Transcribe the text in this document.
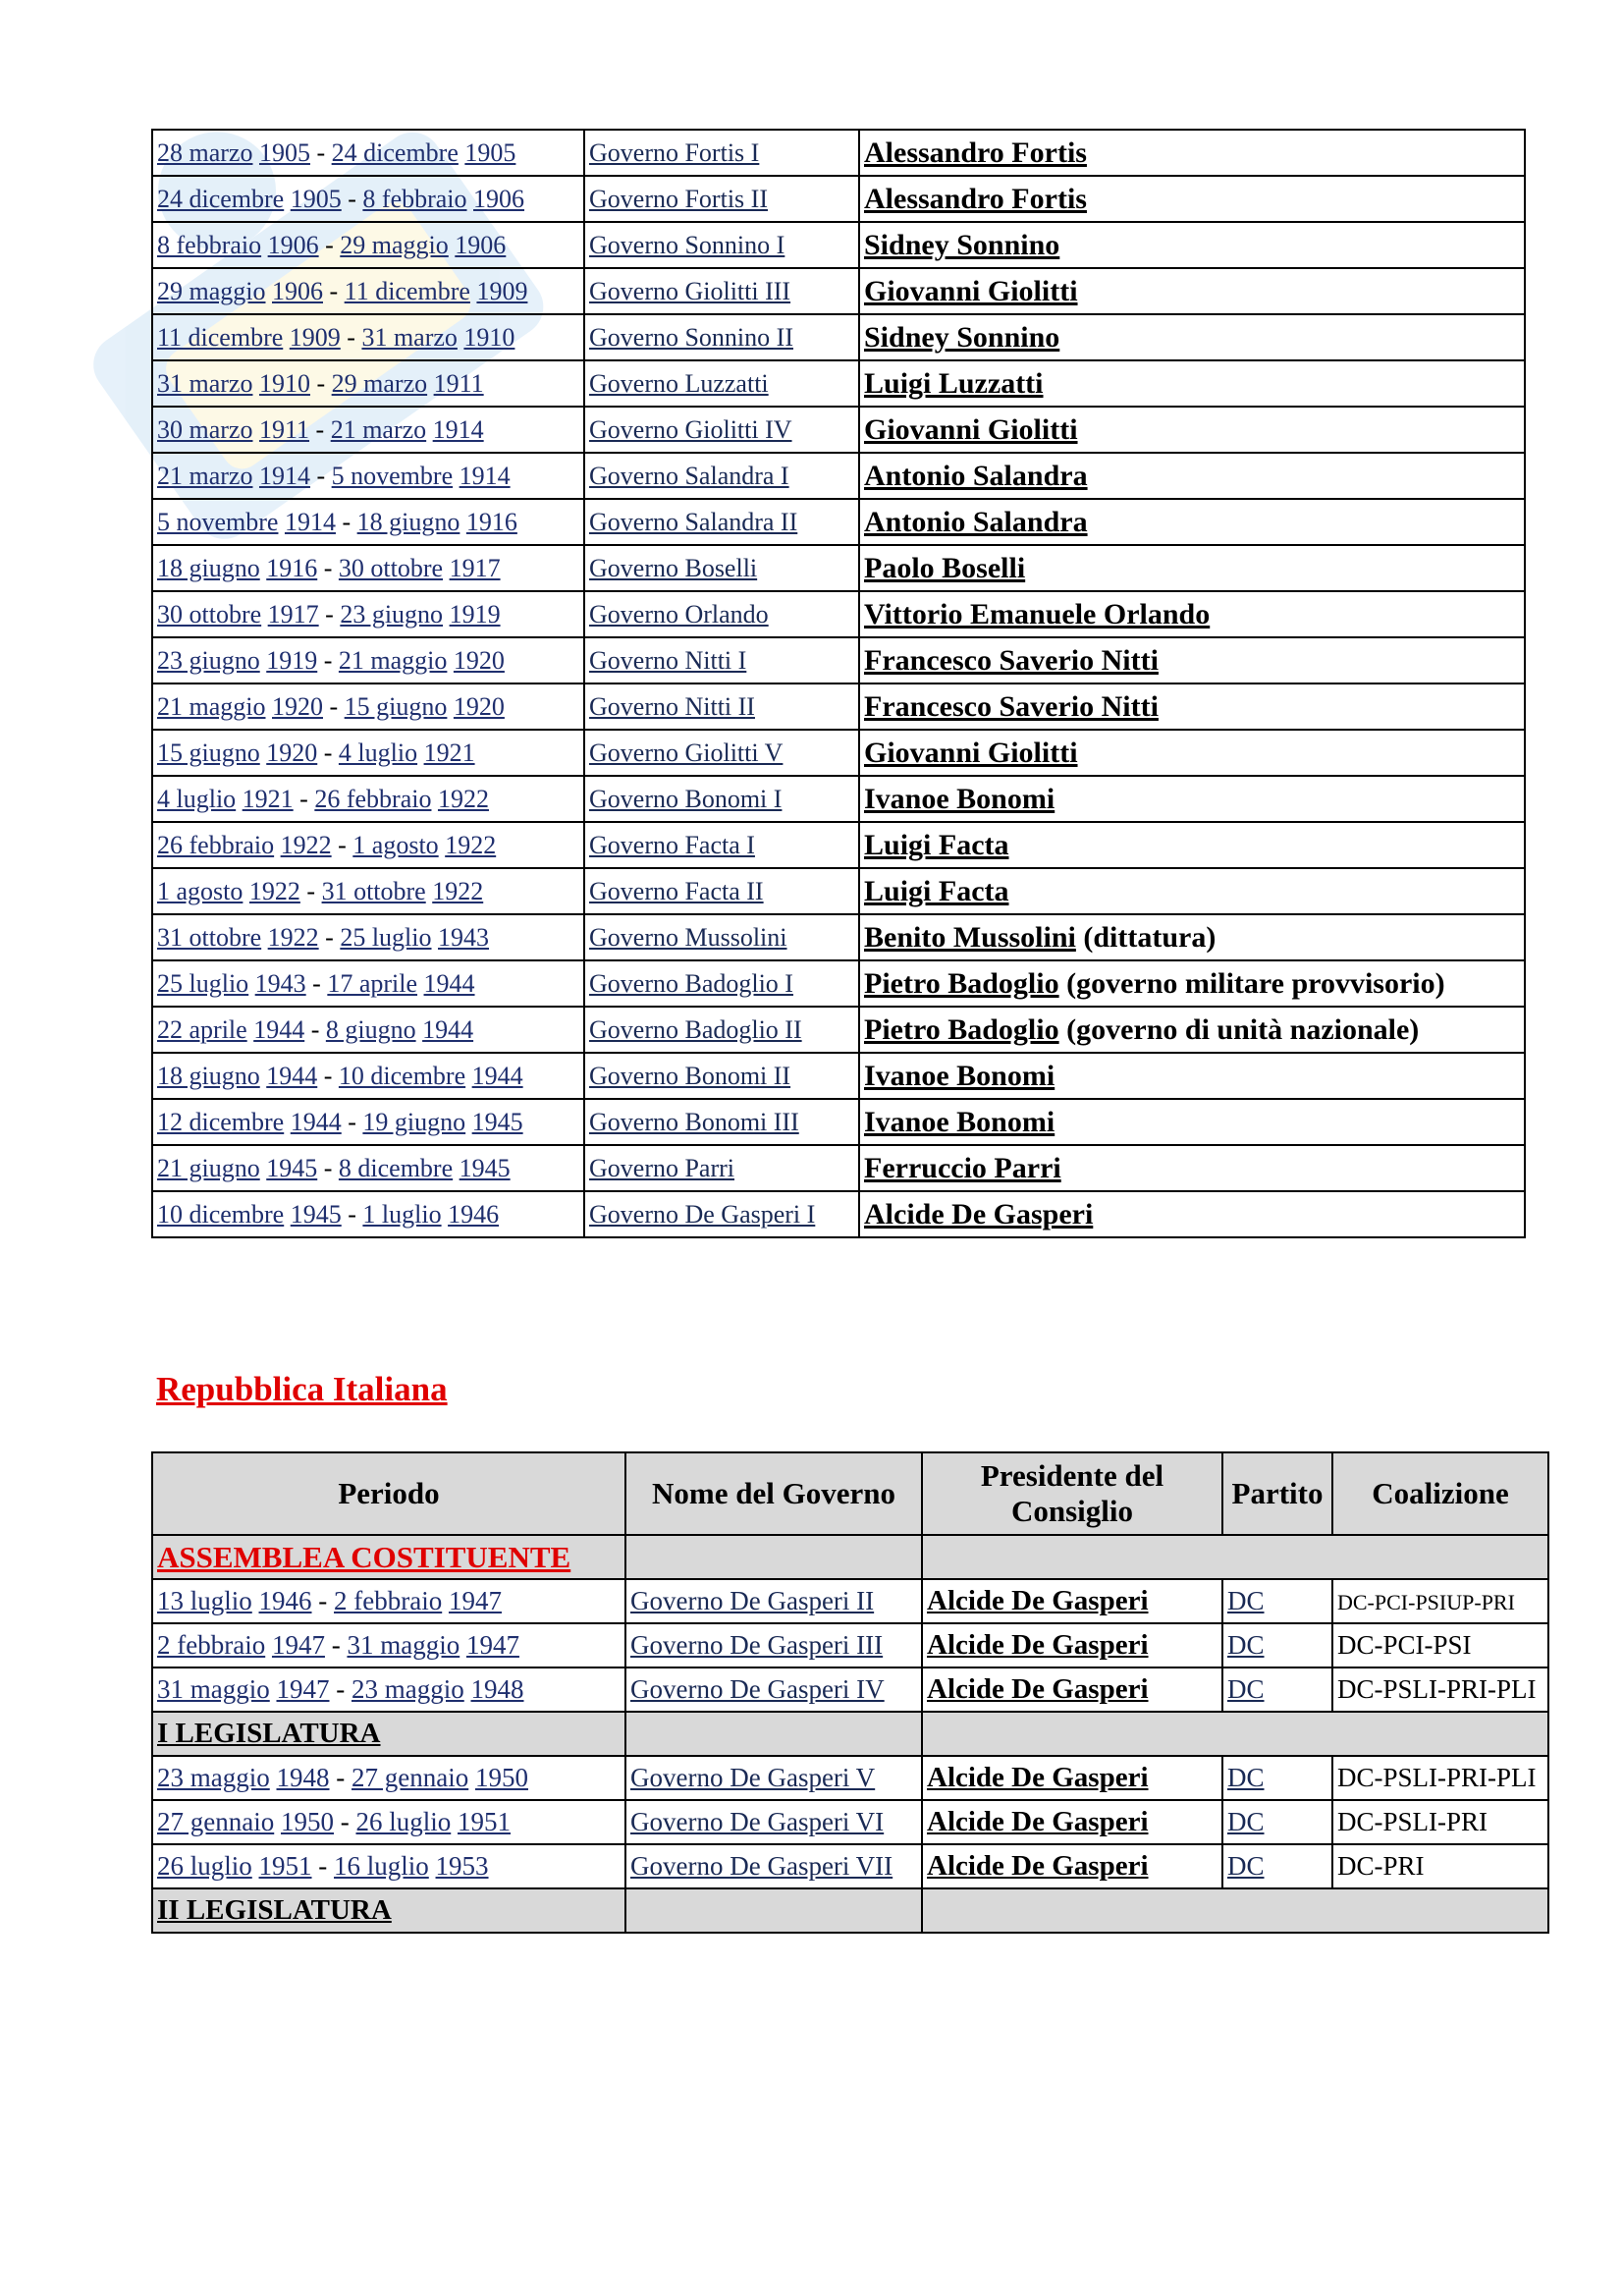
28 marzo 1905 - 24 dicembre 1905	Governo Fortis I	Alessandro Fortis
24 dicembre 1905 - 8 febbraio 1906	Governo Fortis II	Alessandro Fortis
8 febbraio 1906 - 29 maggio 1906	Governo Sonnino I	Sidney Sonnino
29 maggio 1906 - 11 dicembre 1909	Governo Giolitti III	Giovanni Giolitti
11 dicembre 1909 - 31 marzo 1910	Governo Sonnino II	Sidney Sonnino
31 marzo 1910 - 29 marzo 1911	Governo Luzzatti	Luigi Luzzatti
30 marzo 1911 - 21 marzo 1914	Governo Giolitti IV	Giovanni Giolitti
21 marzo 1914 - 5 novembre 1914	Governo Salandra I	Antonio Salandra
5 novembre 1914 - 18 giugno 1916	Governo Salandra II	Antonio Salandra
18 giugno 1916 - 30 ottobre 1917	Governo Boselli	Paolo Boselli
30 ottobre 1917 - 23 giugno 1919	Governo Orlando	Vittorio Emanuele Orlando
23 giugno 1919 - 21 maggio 1920	Governo Nitti I	Francesco Saverio Nitti
21 maggio 1920 - 15 giugno 1920	Governo Nitti II	Francesco Saverio Nitti
15 giugno 1920 - 4 luglio 1921	Governo Giolitti V	Giovanni Giolitti
4 luglio 1921 - 26 febbraio 1922	Governo Bonomi I	Ivanoe Bonomi
26 febbraio 1922 - 1 agosto 1922	Governo Facta I	Luigi Facta
1 agosto 1922 - 31 ottobre 1922	Governo Facta II	Luigi Facta
31 ottobre 1922 - 25 luglio 1943	Governo Mussolini	Benito Mussolini (dittatura)
25 luglio 1943 - 17 aprile 1944	Governo Badoglio I	Pietro Badoglio (governo militare provvisorio)
22 aprile 1944 - 8 giugno 1944	Governo Badoglio II	Pietro Badoglio (governo di unità nazionale)
18 giugno 1944 - 10 dicembre 1944	Governo Bonomi II	Ivanoe Bonomi
12 dicembre 1944 - 19 giugno 1945	Governo Bonomi III	Ivanoe Bonomi
21 giugno 1945 - 8 dicembre 1945	Governo Parri	Ferruccio Parri
10 dicembre 1945 - 1 luglio 1946	Governo De Gasperi I	Alcide De Gasperi
Repubblica Italiana
Periodo	Nome del Governo	Presidente del Consiglio	Partito	Coalizione
ASSEMBLEA COSTITUENTE				
13 luglio 1946 - 2 febbraio 1947	Governo De Gasperi II	Alcide De Gasperi	DC	DC-PCI-PSIUP-PRI
2 febbraio 1947 - 31 maggio 1947	Governo De Gasperi III	Alcide De Gasperi	DC	DC-PCI-PSI
31 maggio 1947 - 23 maggio 1948	Governo De Gasperi IV	Alcide De Gasperi	DC	DC-PSLI-PRI-PLI
I LEGISLATURA				
23 maggio 1948 - 27 gennaio 1950	Governo De Gasperi V	Alcide De Gasperi	DC	DC-PSLI-PRI-PLI
27 gennaio 1950 - 26 luglio 1951	Governo De Gasperi VI	Alcide De Gasperi	DC	DC-PSLI-PRI
26 luglio 1951 - 16 luglio 1953	Governo De Gasperi VII	Alcide De Gasperi	DC	DC-PRI
II LEGISLATURA				
